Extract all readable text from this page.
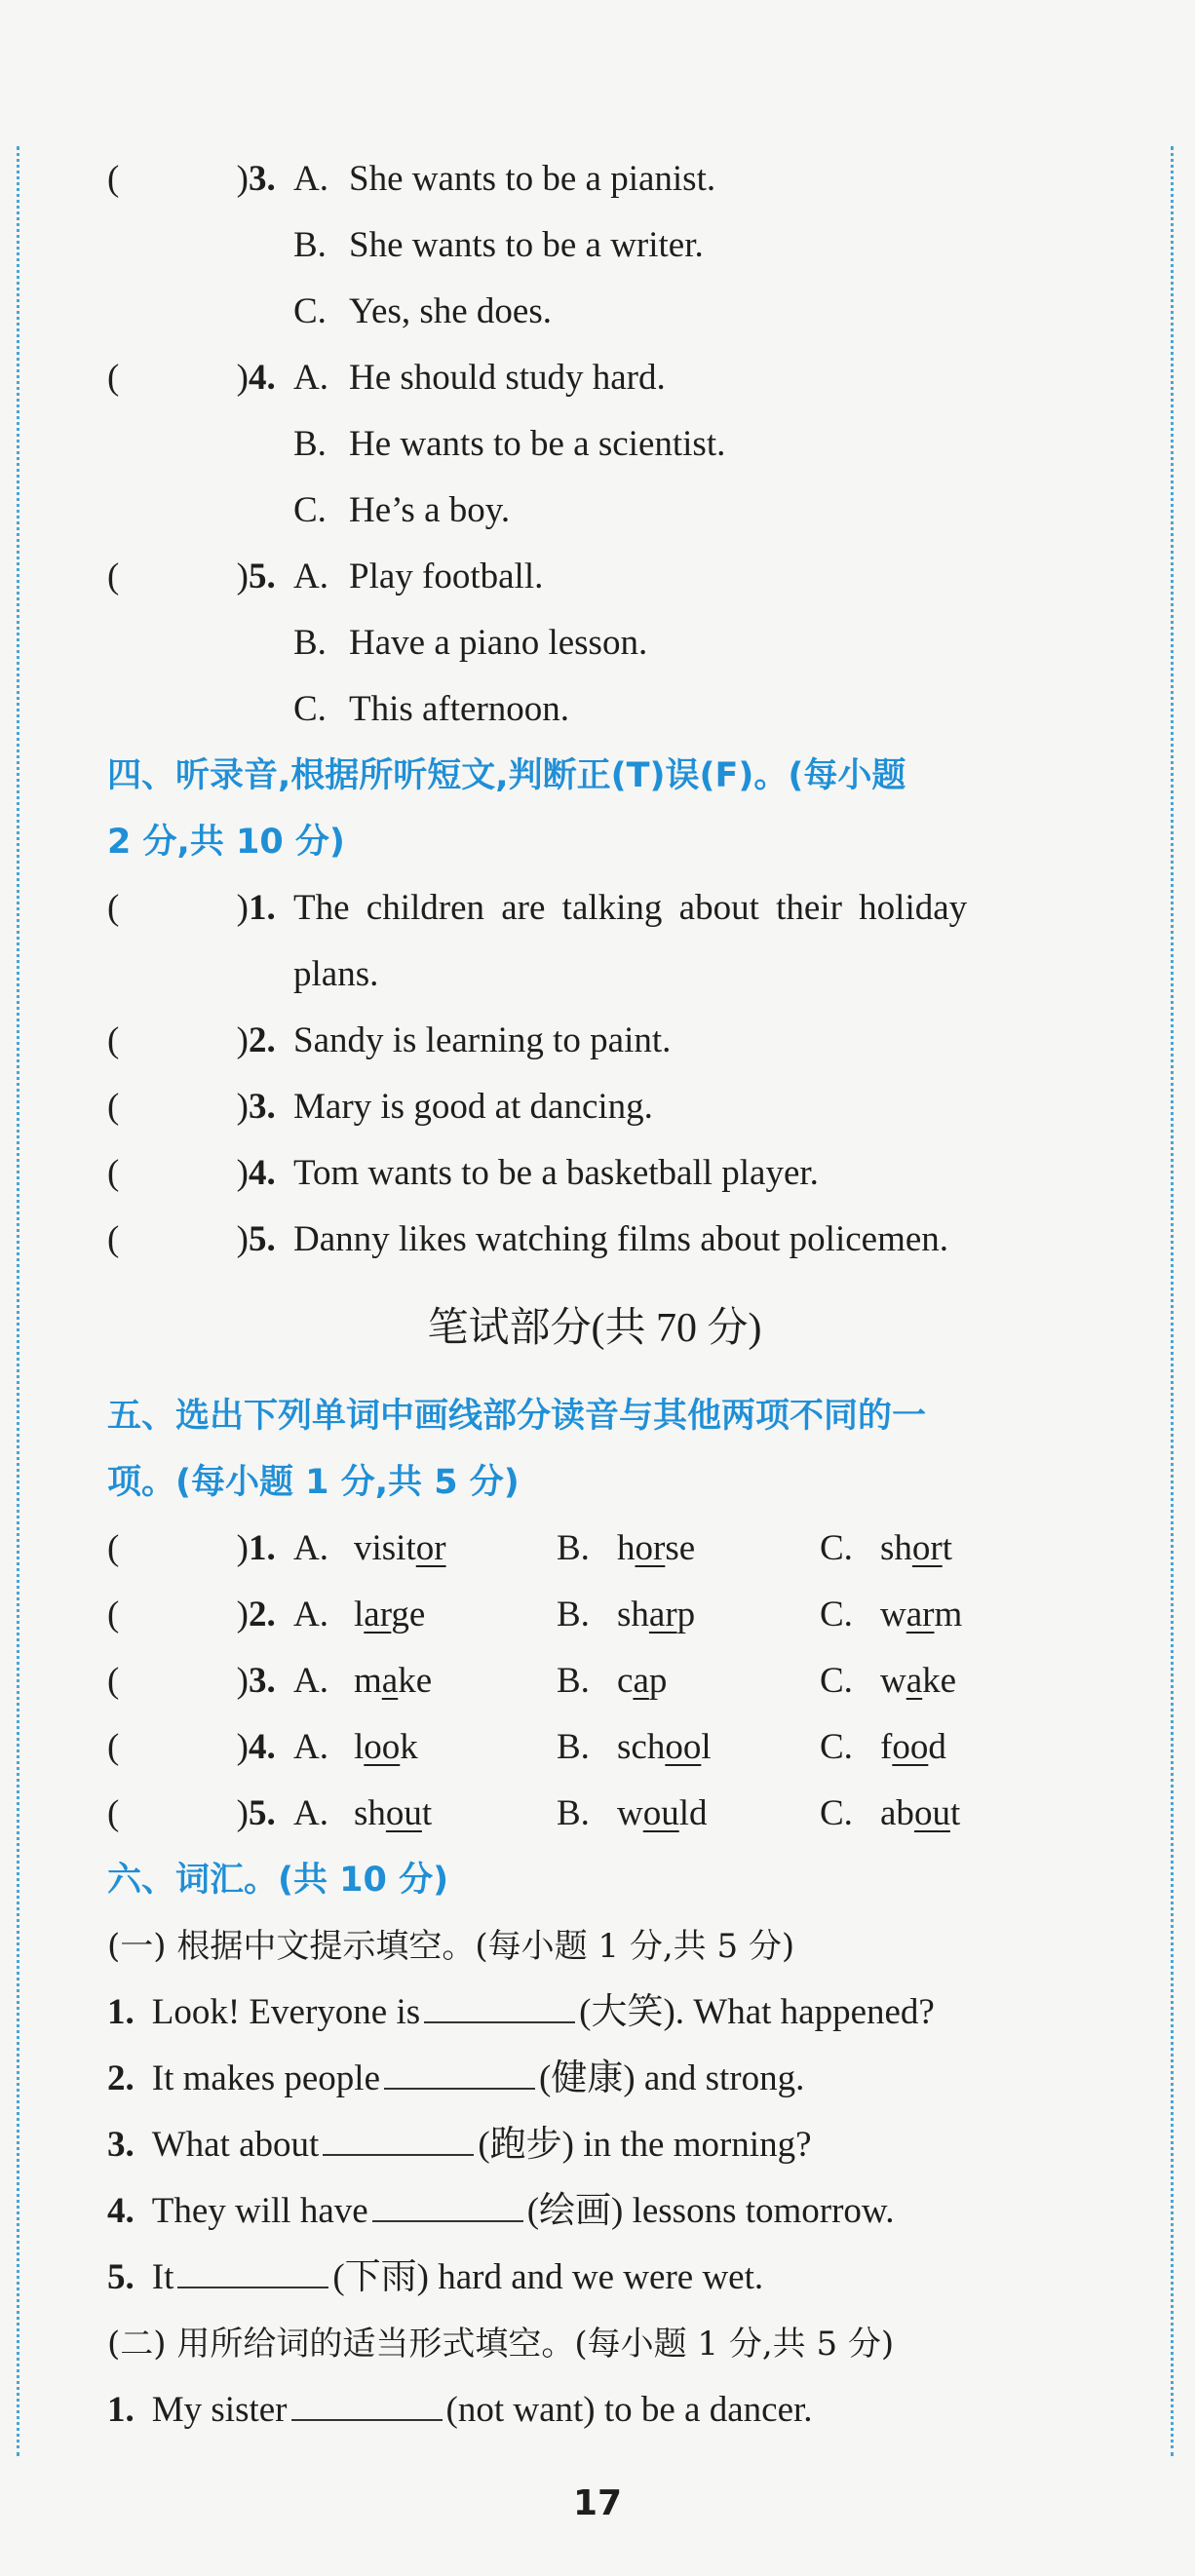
(	) 3. A. She wants to be a pianist.
B. She wants to be a writer.
C. Yes, she does.
(	) 4. A. He should study hard.
B. He wants to be a scientist.
C. He’s a boy.
(	) 5. A. Play football.
B. Have a piano lesson.
C. This afternoon.
四、听录音,根据所听短文,判断正(T)误(F)。(每小题
2 分,共 10 分)
(	) 1. The children are talking about their holiday
plans.
(	) 2. Sandy is learning to paint.
(	) 3. Mary is good at dancing.
(	) 4. Tom wants to be a basketball player.
(	) 5. Danny likes watching films about policemen.
笔试部分(共 70 分)
五、选出下列单词中画线部分读音与其他两项不同的一
项。(每小题 1 分,共 5 分)
(	) 1. A. visitor	B. horse	C. short
(	) 2. A. large	B. sharp	C. warm
(	) 3. A. make	B. cap	C. wake
(	) 4. A. look	B. school	C. food
(	) 5. A. shout	B. would	C. about
六、词汇。(共 10 分)
(一) 根据中文提示填空。(每小题 1 分,共 5 分)
1. Look! Everyone is	(大笑). What happened?
2. It makes people	(健康) and strong.
3. What about	(跑步) in the morning?
4. They will have	(绘画) lessons tomorrow.
5. It	(下雨) hard and we were wet.
(二) 用所给词的适当形式填空。(每小题 1 分,共 5 分)
1. My sister	(not want) to be a dancer.
17
